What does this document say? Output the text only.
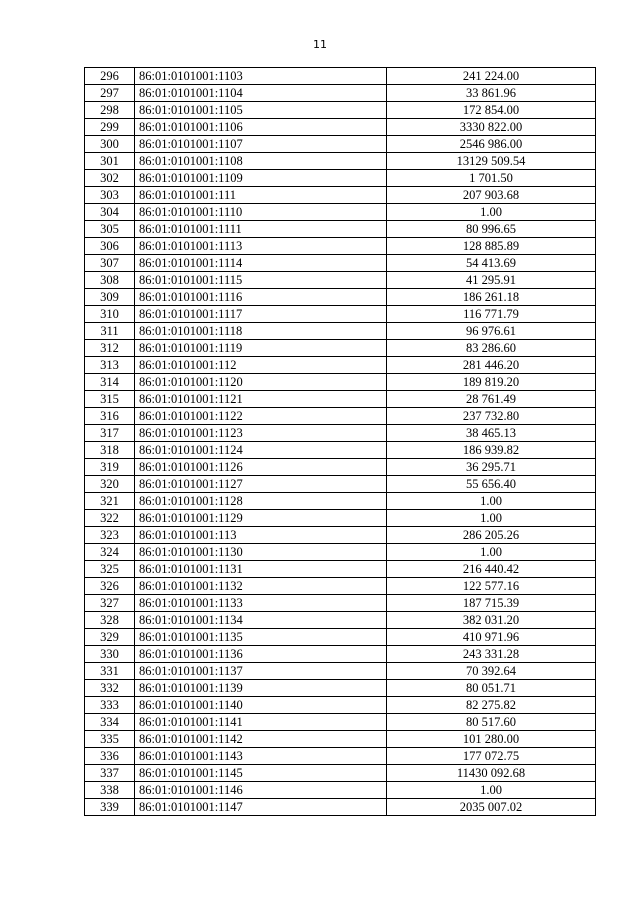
11
296	86:01:0101001:1103	241 224.00
297	86:01:0101001:1104	33 861.96
298	86:01:0101001:1105	172 854.00
299	86:01:0101001:1106	3330 822.00
300	86:01:0101001:1107	2546 986.00
301	86:01:0101001:1108	13129 509.54
302	86:01:0101001:1109	1 701.50
303	86:01:0101001:111	207 903.68
304	86:01:0101001:1110	1.00
305	86:01:0101001:1111	80 996.65
306	86:01:0101001:1113	128 885.89
307	86:01:0101001:1114	54 413.69
308	86:01:0101001:1115	41 295.91
309	86:01:0101001:1116	186 261.18
310	86:01:0101001:1117	116 771.79
311	86:01:0101001:1118	96 976.61
312	86:01:0101001:1119	83 286.60
313	86:01:0101001:112	281 446.20
314	86:01:0101001:1120	189 819.20
315	86:01:0101001:1121	28 761.49
316	86:01:0101001:1122	237 732.80
317	86:01:0101001:1123	38 465.13
318	86:01:0101001:1124	186 939.82
319	86:01:0101001:1126	36 295.71
320	86:01:0101001:1127	55 656.40
321	86:01:0101001:1128	1.00
322	86:01:0101001:1129	1.00
323	86:01:0101001:113	286 205.26
324	86:01:0101001:1130	1.00
325	86:01:0101001:1131	216 440.42
326	86:01:0101001:1132	122 577.16
327	86:01:0101001:1133	187 715.39
328	86:01:0101001:1134	382 031.20
329	86:01:0101001:1135	410 971.96
330	86:01:0101001:1136	243 331.28
331	86:01:0101001:1137	70 392.64
332	86:01:0101001:1139	80 051.71
333	86:01:0101001:1140	82 275.82
334	86:01:0101001:1141	80 517.60
335	86:01:0101001:1142	101 280.00
336	86:01:0101001:1143	177 072.75
337	86:01:0101001:1145	11430 092.68
338	86:01:0101001:1146	1.00
339	86:01:0101001:1147	2035 007.02
